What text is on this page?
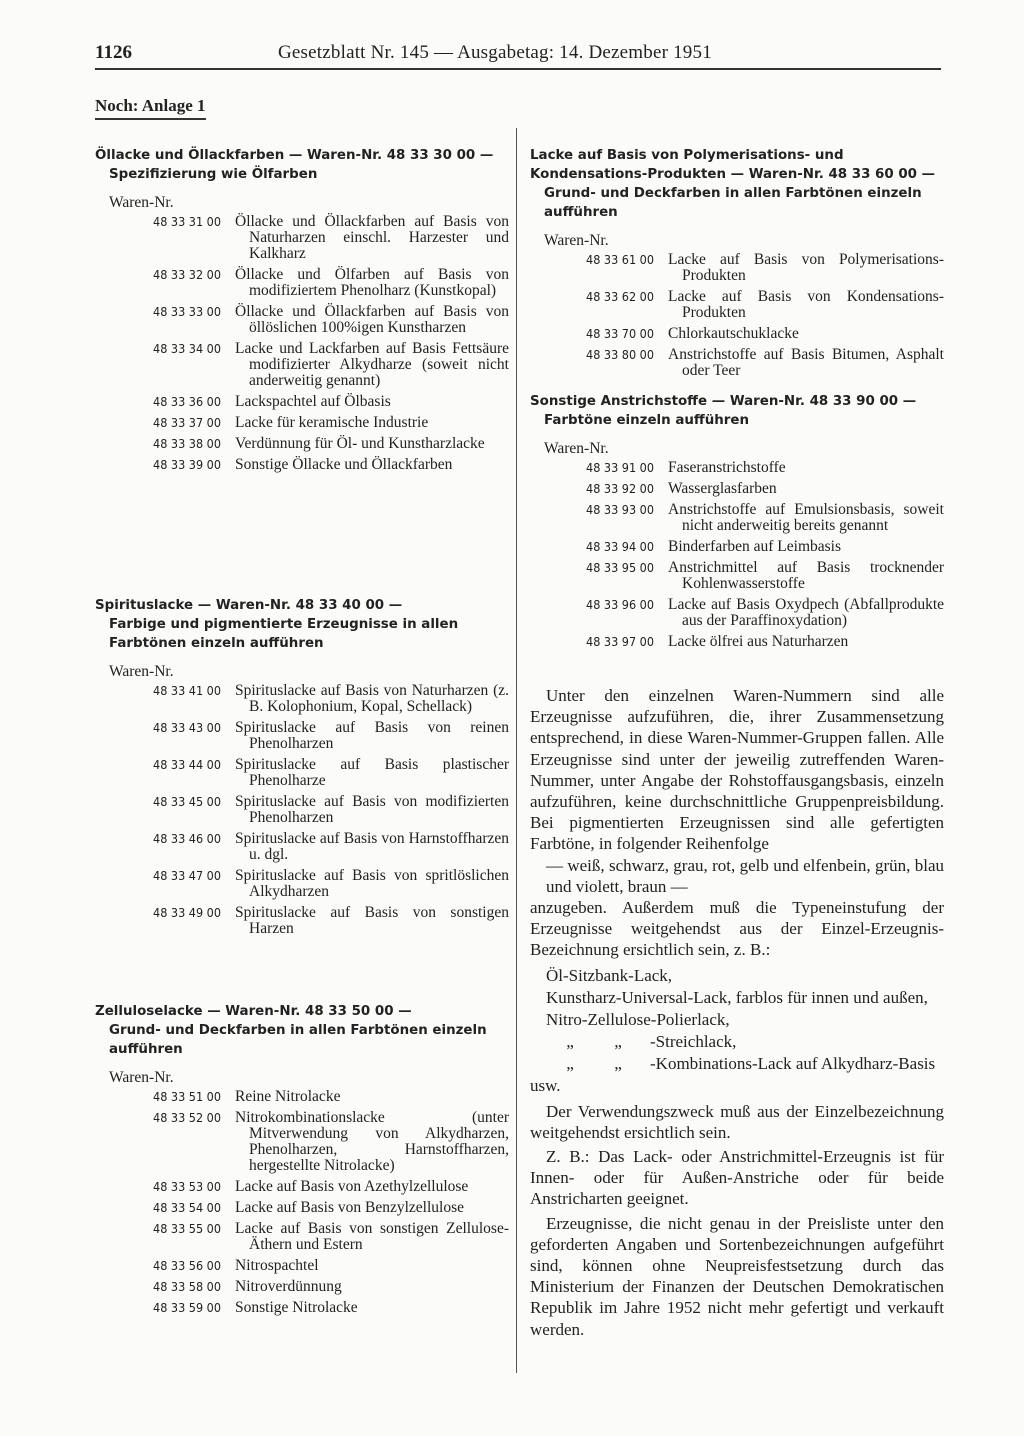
1126	Gesetzblatt Nr. 145 — Ausgabetag: 14. Dezember 1951
Noch: Anlage 1
Öllacke und Öllackfarben — Waren-Nr. 48 33 30 00 —
Spezifizierung wie Ölfarben
Waren-Nr.
48 33 31 00 Öllacke und Öllackfarben auf Basis von Naturharzen einschl. Harzester und Kalkharz
48 33 32 00 Öllacke und Ölfarben auf Basis von modifiziertem Phenolharz (Kunstkopal)
48 33 33 00 Öllacke und Öllackfarben auf Basis von öllöslichen 100%igen Kunstharzen
48 33 34 00 Lacke und Lackfarben auf Basis Fettsäure modifizierter Alkydharze (soweit nicht anderweitig genannt)
48 33 36 00 Lackspachtel auf Ölbasis
48 33 37 00 Lacke für keramische Industrie
48 33 38 00 Verdünnung für Öl- und Kunstharzlacke
48 33 39 00 Sonstige Öllacke und Öllackfarben
Spirituslacke — Waren-Nr. 48 33 40 00 —
Farbige und pigmentierte Erzeugnisse in allen Farbtönen einzeln aufführen
Waren-Nr.
48 33 41 00 Spirituslacke auf Basis von Naturharzen (z. B. Kolophonium, Kopal, Schellack)
48 33 43 00 Spirituslacke auf Basis von reinen Phenolharzen
48 33 44 00 Spirituslacke auf Basis plastischer Phenolharze
48 33 45 00 Spirituslacke auf Basis von modifizierten Phenolharzen
48 33 46 00 Spirituslacke auf Basis von Harnstoffharzen u. dgl.
48 33 47 00 Spirituslacke auf Basis von spritlöslichen Alkydharzen
48 33 49 00 Spirituslacke auf Basis von sonstigen Harzen
Zelluloselacke — Waren-Nr. 48 33 50 00 —
Grund- und Deckfarben in allen Farbtönen einzeln aufführen
Waren-Nr.
48 33 51 00 Reine Nitrolacke
48 33 52 00 Nitrokombinationslacke (unter Mitverwendung von Alkydharzen, Phenolharzen, Harnstoffharzen, hergestellte Nitrolacke)
48 33 53 00 Lacke auf Basis von Azethylzellulose
48 33 54 00 Lacke auf Basis von Benzylzellulose
48 33 55 00 Lacke auf Basis von sonstigen Zellulose-Äthern und Estern
48 33 56 00 Nitrospachtel
48 33 58 00 Nitroverdünnung
48 33 59 00 Sonstige Nitrolacke
Lacke auf Basis von Polymerisations- und Kondensations-Produkten — Waren-Nr. 48 33 60 00 —
Grund- und Deckfarben in allen Farbtönen einzeln aufführen
Waren-Nr.
48 33 61 00 Lacke auf Basis von Polymerisations-Produkten
48 33 62 00 Lacke auf Basis von Kondensations-Produkten
48 33 70 00 Chlorkautschuklacke
48 33 80 00 Anstrichstoffe auf Basis Bitumen, Asphalt oder Teer
Sonstige Anstrichstoffe — Waren-Nr. 48 33 90 00 —
Farbtöne einzeln aufführen
Waren-Nr.
48 33 91 00 Faseranstrichstoffe
48 33 92 00 Wasserglasfarben
48 33 93 00 Anstrichstoffe auf Emulsionsbasis, soweit nicht anderweitig bereits genannt
48 33 94 00 Binderfarben auf Leimbasis
48 33 95 00 Anstrichmittel auf Basis trocknender Kohlenwasserstoffe
48 33 96 00 Lacke auf Basis Oxydpech (Abfallprodukte aus der Paraffinoxydation)
48 33 97 00 Lacke ölfrei aus Naturharzen

Unter den einzelnen Waren-Nummern sind alle Erzeugnisse aufzuführen, die, ihrer Zusammensetzung entsprechend, in diese Waren-Nummer-Gruppen fallen. Alle Erzeugnisse sind unter der jeweilig zutreffenden Waren-Nummer, unter Angabe der Rohstoffausgangsbasis, einzeln aufzuführen, keine durchschnittliche Gruppenpreisbildung. Bei pigmentierten Erzeugnissen sind alle gefertigten Farbtöne, in folgender Reihenfolge

— weiß, schwarz, grau, rot, gelb und elfenbein, grün, blau und violett, braun —

anzugeben. Außerdem muß die Typeneinstufung der Erzeugnisse weitgehendst aus der Einzel-Erzeugnis-Bezeichnung ersichtlich sein, z. B.:

Öl-Sitzbank-Lack,
Kunstharz-Universal-Lack, farblos für innen und außen,
Nitro-Zellulose-Polierlack,
„	„	-Streichlack,
„	„	-Kombinations-Lack auf Alkydharz-Basis
usw.

Der Verwendungszweck muß aus der Einzelbezeichnung weitgehendst ersichtlich sein.

Z. B.: Das Lack- oder Anstrichmittel-Erzeugnis ist für Innen- oder für Außen-Anstriche oder für beide Anstricharten geeignet.

Erzeugnisse, die nicht genau in der Preisliste unter den geforderten Angaben und Sortenbezeichnungen aufgeführt sind, können ohne Neupreisfestsetzung durch das Ministerium der Finanzen der Deutschen Demokratischen Republik im Jahre 1952 nicht mehr gefertigt und verkauft werden.
